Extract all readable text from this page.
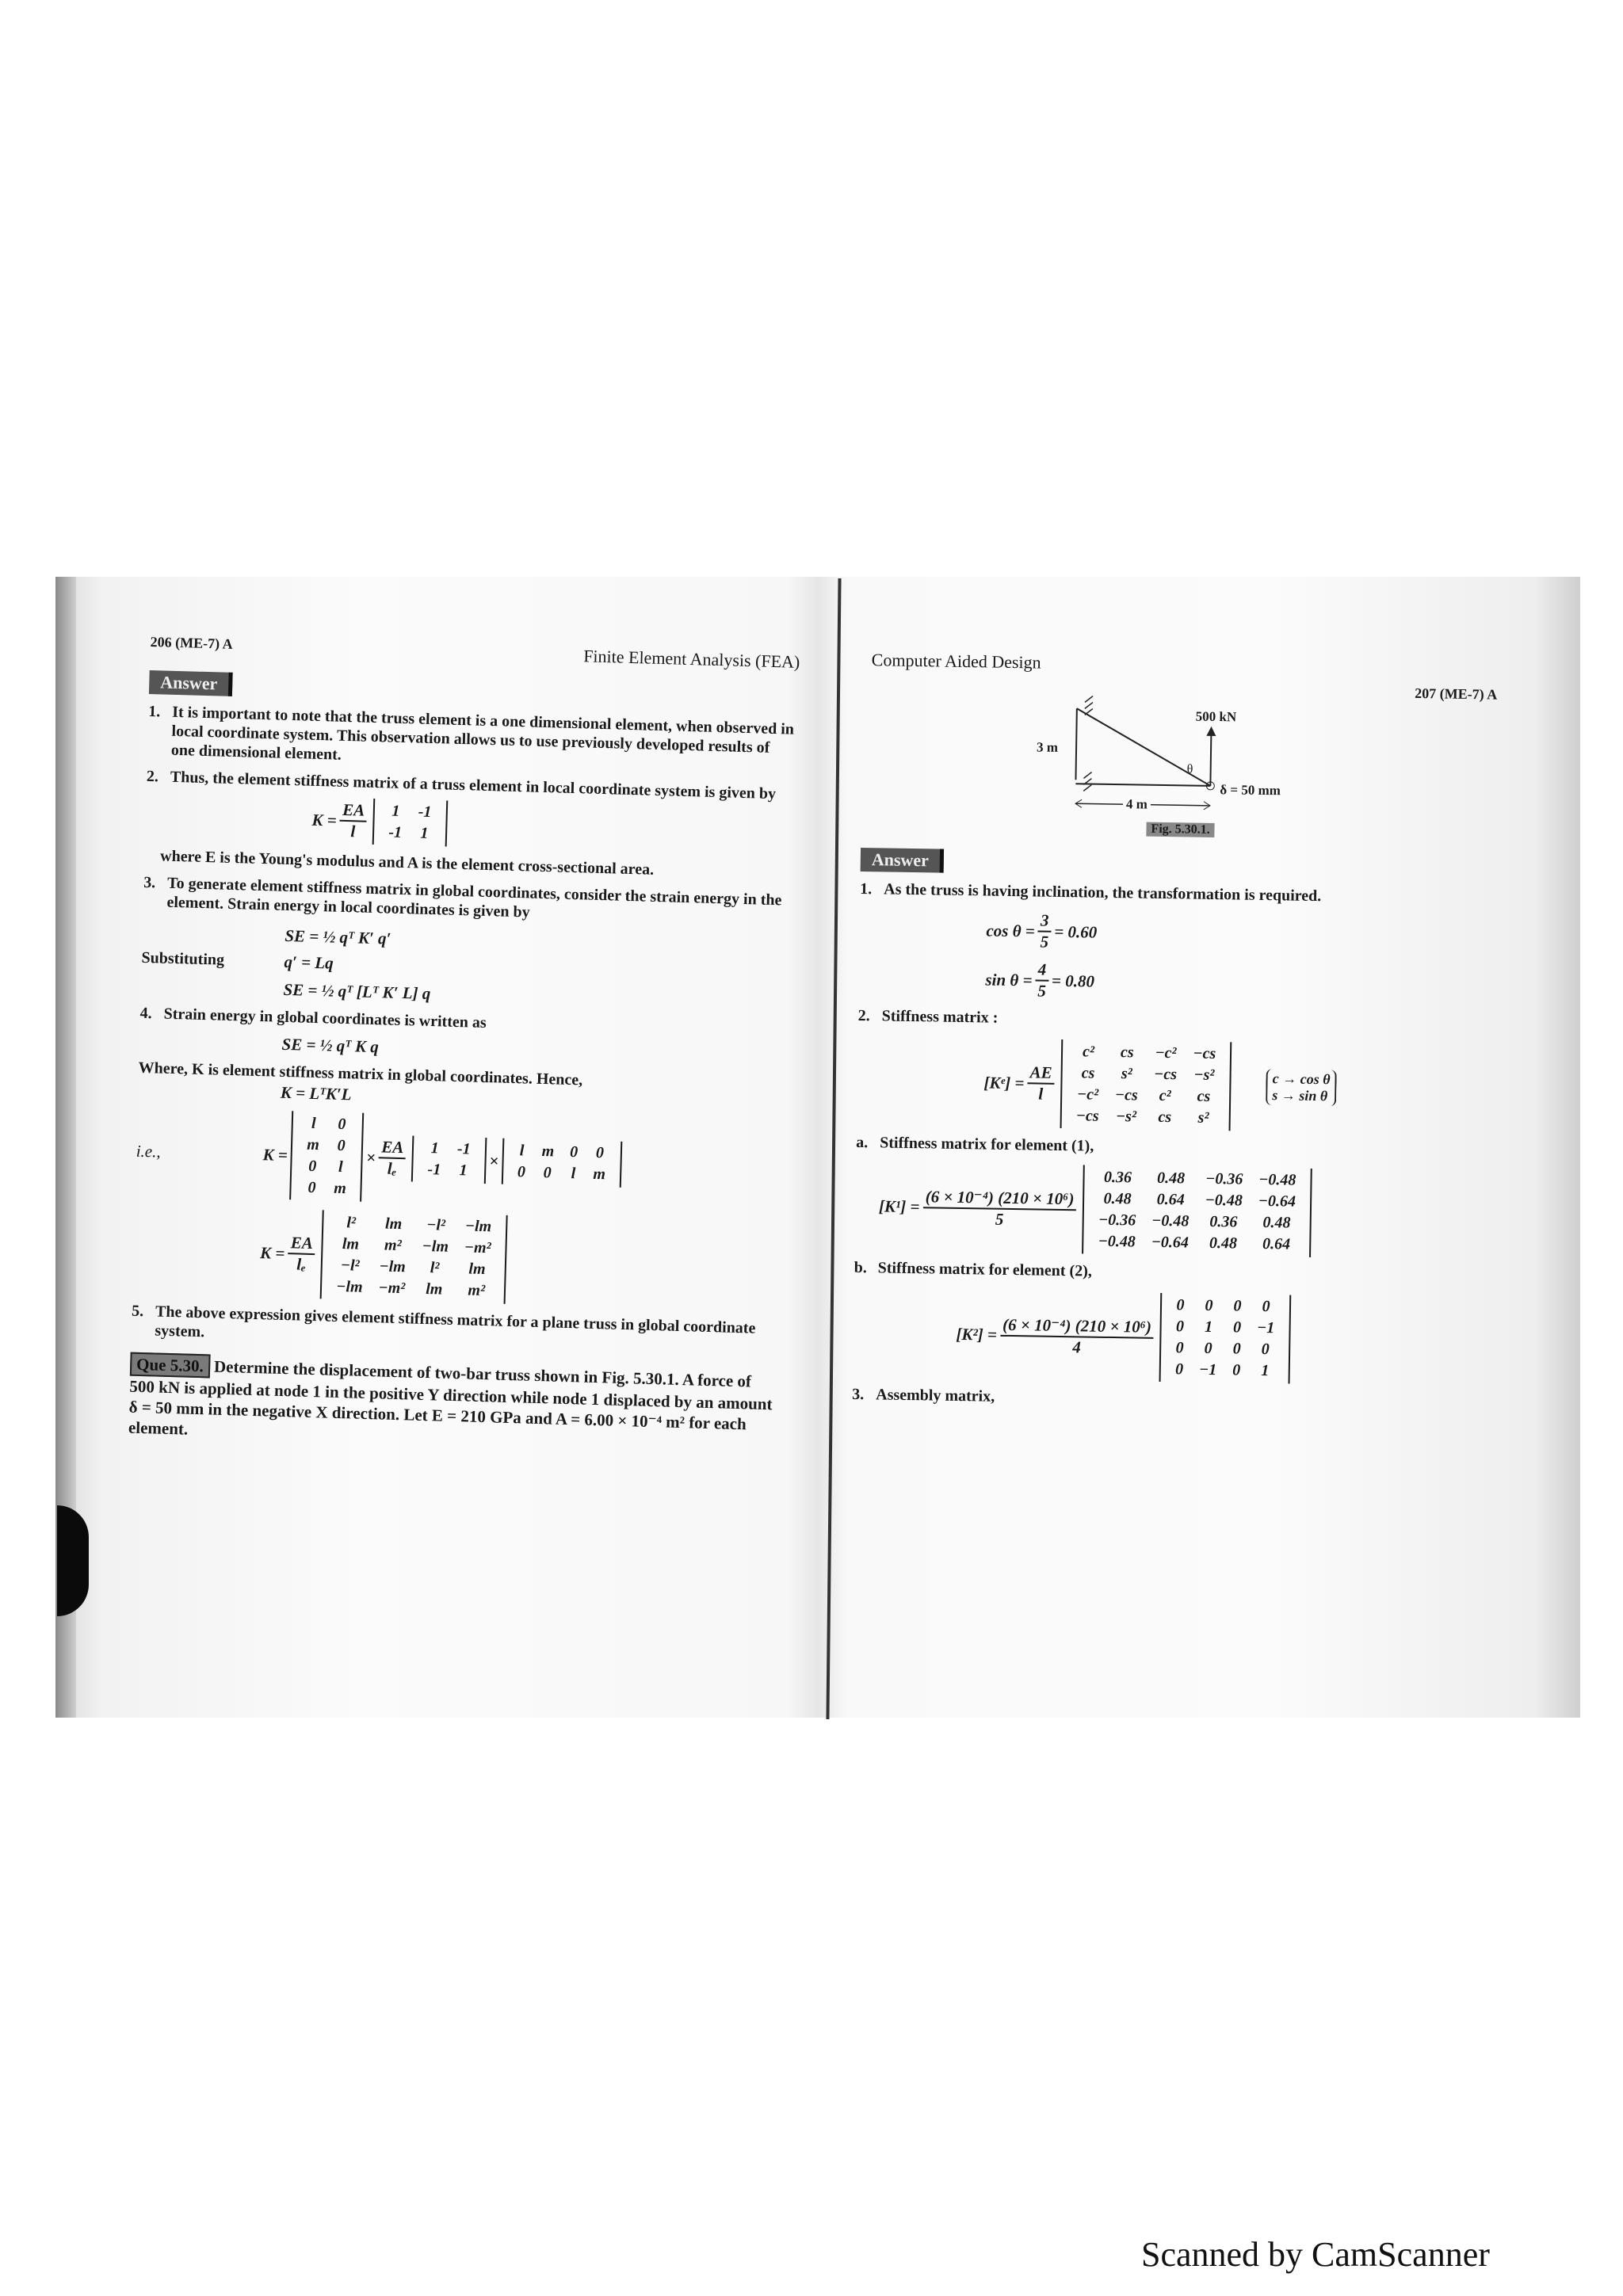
206 (ME-7) A
Finite Element Analysis (FEA)
Answer
1. It is important to note that the truss element is a one dimensional element, when observed in local coordinate system. This observation allows us to use previously developed results of one dimensional element.
2. Thus, the element stiffness matrix of a truss element in local coordinate system is given by
$K = \frac{EA}{l} 1$	-1
-1	1
where E is the Young's modulus and A is the element cross-sectional area.
3. To generate element stiffness matrix in global coordinates, consider the strain energy in the element. Strain energy in local coordinates is given by
SE = ½ qᵀ K′ q′
Substituting	q′ = Lq
SE = ½ qᵀ [Lᵀ K′ L] q
4. Strain energy in global coordinates is written as
SE = ½ qᵀ K q
Where, K is element stiffness matrix in global coordinates. Hence,
K = LᵀK′L
i.e.,	K =
l	0
m	0
0	l
0	m
× $\frac{EA}{\text{lₑ}} 1$	-1
-1	1
×
l	m	0	0
0	0	l	m
$K = \frac{EA}{\text{lₑ}}$
l²	lm	−l²	−lm
lm	m²	−lm	−m²
−l²	−lm	l²	lm
−lm	−m²	lm	m²
5. The above expression gives element stiffness matrix for a plane truss in global coordinate system.
Que 5.30. Determine the displacement of two-bar truss shown in Fig. 5.30.1. A force of 500 kN is applied at node 1 in the positive Y direction while node 1 displaced by an amount δ = 50 mm in the negative X direction. Let E = 210 GPa and A = 6.00 × 10⁻⁴ m² for each element.
Computer Aided Design
207 (ME-7) A
3 m
500 kN
θ
4 m
δ = 50 mm
Fig. 5.30.1.
Answer
1. As the truss is having inclination, the transformation is required.
$\cos \theta = \frac{3}{5} = 0.60$
$\sin \theta = \frac{4}{5} = 0.80$
2. Stiffness matrix :
[Kᵉ] = $\frac{AE}{l}$
c²	cs	−c²	−cs
cs	s²	−cs	−s²
−c²	−cs	c²	cs
−cs	−s²	cs	s²
c → cos θ
s → sin θ
a. Stiffness matrix for element (1),
$[K^1] = \frac{\text{(6 × 10⁻⁴) (210 × 10⁶)}}{5}$
0.36	0.48	−0.36	−0.48
0.48	0.64	−0.48	−0.64
−0.36	−0.48	0.36	0.48
−0.48	−0.64	0.48	0.64
b. Stiffness matrix for element (2),
$[K^2] = \frac{\text{(6 × 10⁻⁴) (210 × 10⁶)}}{4}$
0	0	0	0
0	1	0	−1
0	0	0	0
0	−1	0	1
3. Assembly matrix,
Scanned by CamScanner
